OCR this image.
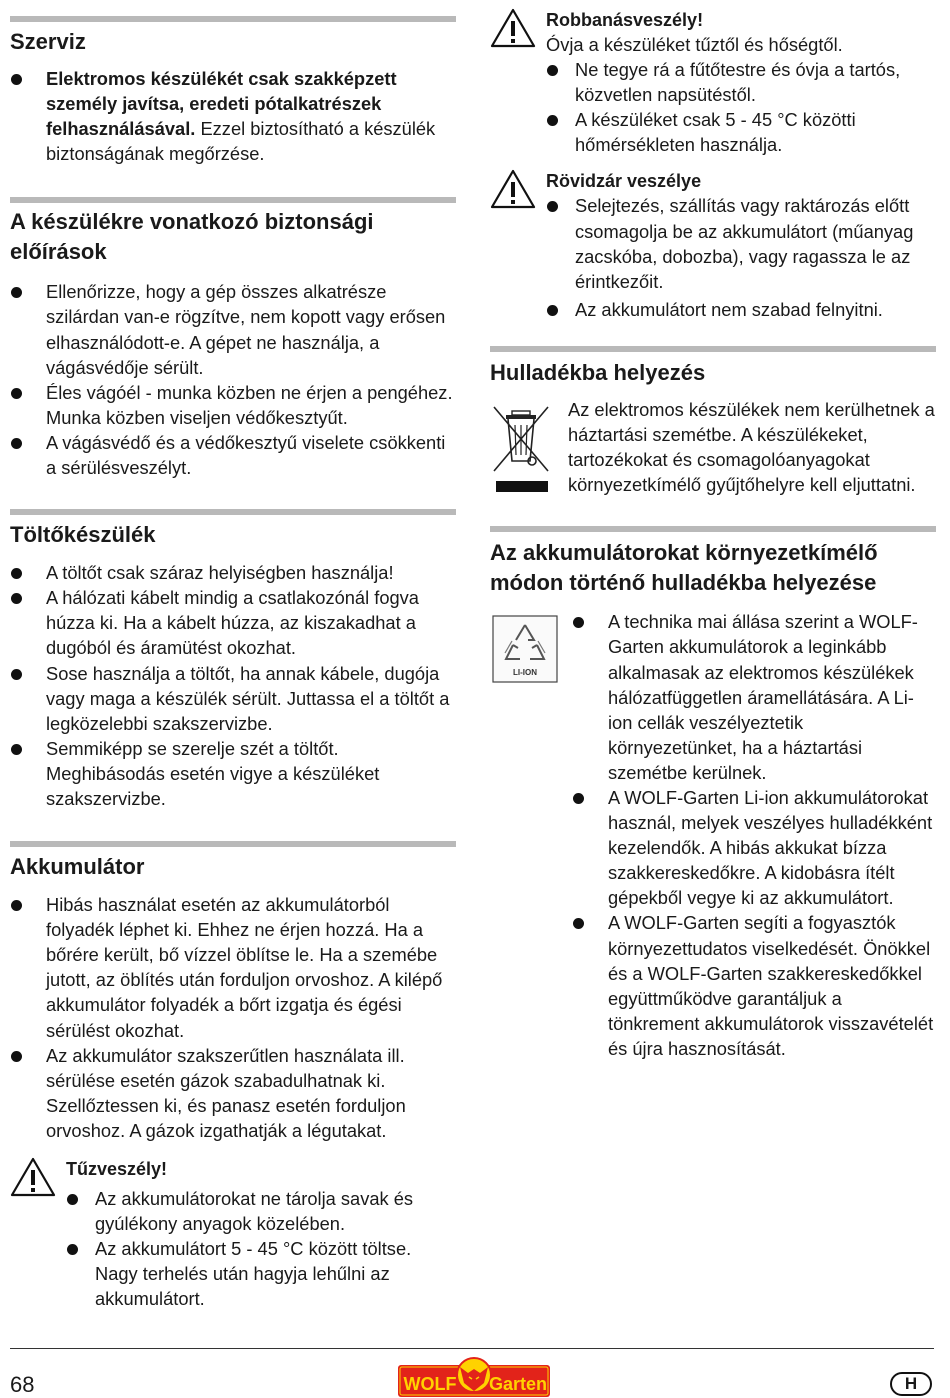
Szerviz
Elektromos készülékét csak szakképzett személy javítsa, eredeti pótalkatrészek felhasználásával. Ezzel biztosítható a készülék biztonságának megőrzése.
A készülékre vonatkozó biztonsági előírások
Ellenőrizze, hogy a gép összes alkatrésze szilárdan van-e rögzítve, nem kopott vagy erősen elhasználódott-e. A gépet ne használja, a vágásvédője sérült.
Éles vágóél - munka közben ne érjen a pengéhez. Munka közben viseljen védőkesztyűt.
A vágásvédő és a védőkesztyű viselete csökkenti a sérülésveszélyt.
Töltőkészülék
A töltőt csak száraz helyiségben használja!
A hálózati kábelt mindig a csatlakozónál fogva húzza ki. Ha a kábelt húzza, az kiszakadhat a dugóból és áramütést okozhat.
Sose használja a töltőt, ha annak kábele, dugója vagy maga a készülék sérült. Juttassa el a töltőt a legközelebbi szakszervizbe.
Semmiképp se szerelje szét a töltőt. Meghibásodás esetén vigye a készüléket szakszervizbe.
Akkumulátor
Hibás használat esetén az akkumulátorból folyadék léphet ki. Ehhez ne érjen hozzá. Ha a bőrére került, bő vízzel öblítse le. Ha a szemébe jutott, az öblítés után forduljon orvoshoz. A kilépő akkumulátor folyadék a bőrt izgatja és égési sérülést okozhat.
Az akkumulátor szakszerűtlen használata ill. sérülése esetén gázok szabadulhatnak ki. Szellőztessen ki, és panasz esetén forduljon orvoshoz. A gázok izgathatják a légutakat.
Tűzveszély!
Az akkumulátorokat ne tárolja savak és gyúlékony anyagok közelében.
Az akkumulátort 5 - 45 °C között töltse. Nagy terhelés után hagyja lehűlni az akkumulátort.
Robbanásveszély!

Óvja a készüléket tűztől és hőségtől.

Ne tegye rá a fűtőtestre és óvja a tartós, közvetlen napsütéstől.
A készüléket csak 5 - 45 °C közötti hőmérsékleten használja.
Rövidzár veszélye
Selejtezés, szállítás vagy raktározás előtt csomagolja be az akkumulátort (műanyag zacskóba, dobozba), vagy ragassza le az érintkezőit.
Az akkumulátort nem szabad felnyitni.
Hulladékba helyezés

Az elektromos készülékek nem kerülhetnek a háztartási szemétbe. A készülékeket, tartozékokat és csomagolóanyagokat környezetkímélő gyűjtőhelyre kell eljuttatni.

Az akkumulátorokat környezetkímélő módon történő hulladékba helyezése
LI-ION
A technika mai állása szerint a WOLF-Garten akkumulátorok a leginkább alkalmasak az elektromos készülékek hálózatfüggetlen áramellátására. A Li-ion cellák veszélyeztetik környezetünket, ha a háztartási szemétbe kerülnek.
A WOLF-Garten Li-ion akkumulátorokat használ, melyek veszélyes hulladékként kezelendők. A hibás akkukat bízza szakkereskedőkre. A kidobásra ítélt gépekből vegye ki az akkumulátort.
A WOLF-Garten segíti a fogyasztók környezettudatos viselkedését. Önökkel és a WOLF-Garten szakkereskedőkkel együttműködve garantáljuk a tönkrement akkumulátorok visszavételét és újra hasznosítását.
68	WOLF Garten	H
